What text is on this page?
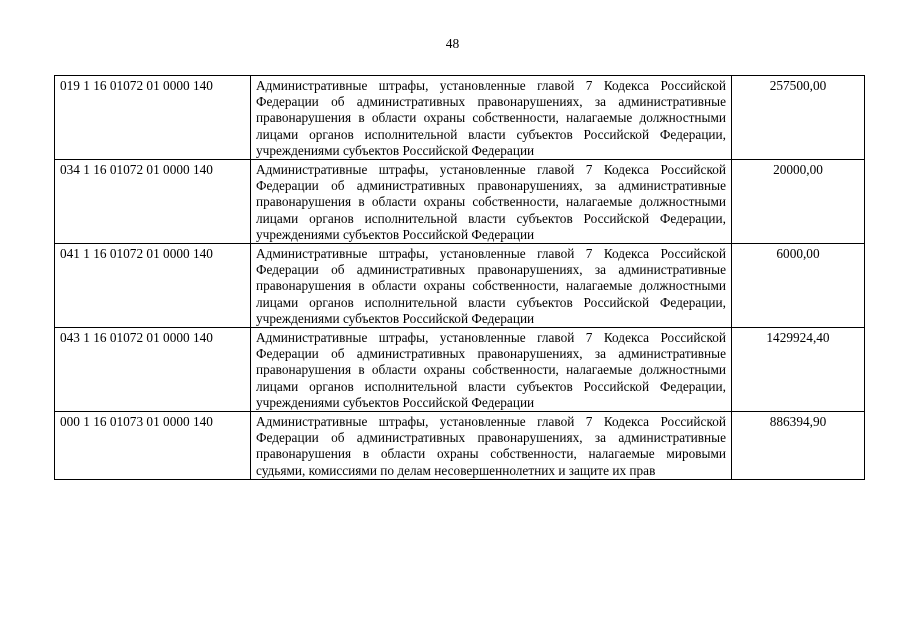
48
019 1 16 01072 01 0000 140	Административные штрафы, установленные главой 7 Кодекса Российской Федерации об административных правонарушениях, за административные правонарушения в области охраны собственности, налагаемые должностными лицами органов исполнительной власти субъектов Российской Федерации, учреждениями субъектов Российской Федерации	257500,00
034 1 16 01072 01 0000 140	Административные штрафы, установленные главой 7 Кодекса Российской Федерации об административных правонарушениях, за административные правонарушения в области охраны собственности, налагаемые должностными лицами органов исполнительной власти субъектов Российской Федерации, учреждениями субъектов Российской Федерации	20000,00
041 1 16 01072 01 0000 140	Административные штрафы, установленные главой 7 Кодекса Российской Федерации об административных правонарушениях, за административные правонарушения в области охраны собственности, налагаемые должностными лицами органов исполнительной власти субъектов Российской Федерации, учреждениями субъектов Российской Федерации	6000,00
043 1 16 01072 01 0000 140	Административные штрафы, установленные главой 7 Кодекса Российской Федерации об административных правонарушениях, за административные правонарушения в области охраны собственности, налагаемые должностными лицами органов исполнительной власти субъектов Российской Федерации, учреждениями субъектов Российской Федерации	1429924,40
000 1 16 01073 01 0000 140	Административные штрафы, установленные главой 7 Кодекса Российской Федерации об административных правонарушениях, за административные правонарушения в области охраны собственности, налагаемые мировыми судьями, комиссиями по делам несовершеннолетних и защите их прав	886394,90
